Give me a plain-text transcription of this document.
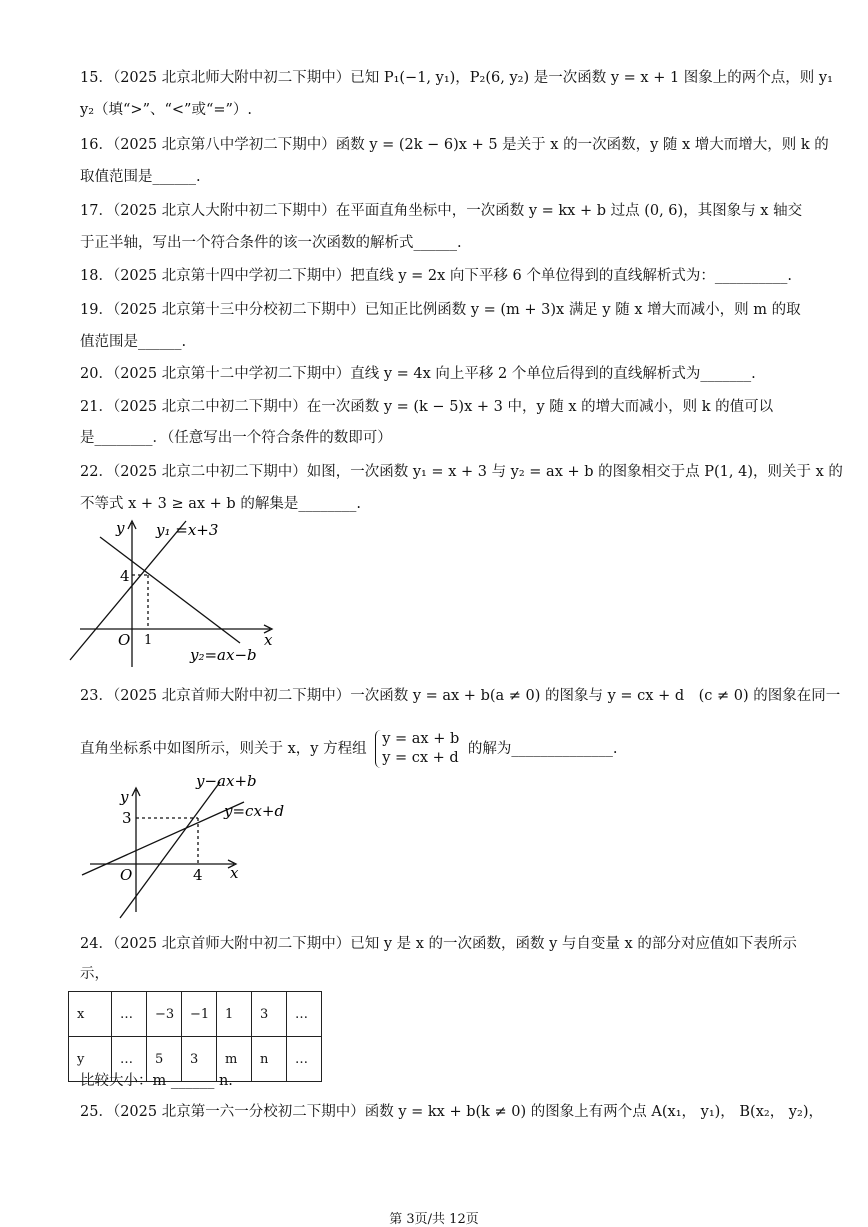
15．（2025 北京北师大附中初二下期中）已知 P₁(−1, y₁)，P₂(6, y₂) 是一次函数 y = x + 1 图象上的两个点，则 y₁
y₂（填“>”、“<”或“=”）.
16．（2025 北京第八中学初二下期中）函数 y = (2k − 6)x + 5 是关于 x 的一次函数，y 随 x 增大而增大，则 k 的
取值范围是______.
17．（2025 北京人大附中初二下期中）在平面直角坐标中，一次函数 y = kx + b 过点 (0, 6)，其图象与 x 轴交
于正半轴，写出一个符合条件的该一次函数的解析式______.
18．（2025 北京第十四中学初二下期中）把直线 y = 2x 向下平移 6 个单位得到的直线解析式为：__________.
19．（2025 北京第十三中分校初二下期中）已知正比例函数 y = (m + 3)x 满足 y 随 x 增大而减小，则 m 的取
值范围是______.
20．（2025 北京第十二中学初二下期中）直线 y = 4x 向上平移 2 个单位后得到的直线解析式为_______.
21．（2025 北京二中初二下期中）在一次函数 y = (k − 5)x + 3 中，y 随 x 的增大而减小，则 k 的值可以
是________．（任意写出一个符合条件的数即可）
22．（2025 北京二中初二下期中）如图，一次函数 y₁ = x + 3 与 y₂ = ax + b 的图象相交于点 P(1, 4)，则关于 x 的
不等式 x + 3 ≥ ax + b 的解集是________.
y
x
O
4
1
y₁ =x+3
y₂=ax−b
23．（2025 北京首师大附中初二下期中）一次函数 y = ax + b(a ≠ 0) 的图象与 y = cx + d　(c ≠ 0) 的图象在同一
直角坐标系中如图所示，则关于 x，y 方程组
y = ax + b
y = cx + d
的解为______________.
y
x
O
3
4
y−ax+b
y=cx+d
24．（2025 北京首师大附中初二下期中）已知 y 是 x 的一次函数，函数 y 与自变量 x 的部分对应值如下表所示
示，
x	…	−3	−1	1	3	…
y	…	5	3	m	n	…
比较大小：m ______ n.
25．（2025 北京第一六一分校初二下期中）函数 y = kx + b(k ≠ 0) 的图象上有两个点 A(x₁， y₁)， B(x₂， y₂)，
第 3页/共 12页
